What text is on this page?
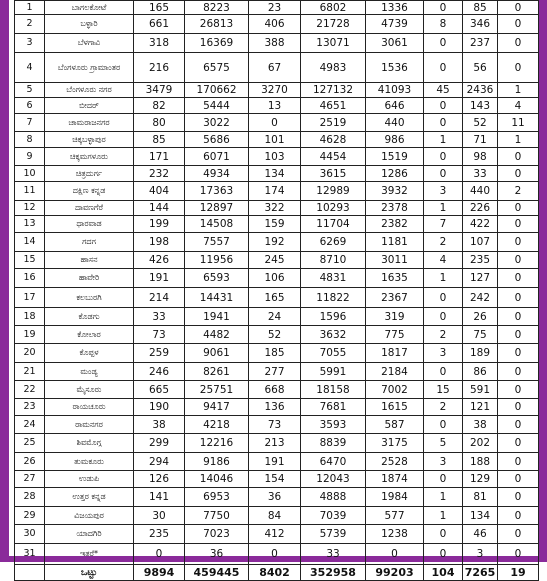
1	ಬಾಗಲಕೋಟೆ	165	8223	23	6802	1336	0	85	0
2	ಬಳ್ಳಾರಿ	661	26813	406	21728	4739	8	346	0
3	ಬೆಳಗಾವಿ	318	16369	388	13071	3061	0	237	0
4	ಬೆಂಗಳೂರು ಗ್ರಾಮಾಂತರ	216	6575	67	4983	1536	0	56	0
5	ಬೆಂಗಳೂರು ನಗರ	3479	170662	3270	127132	41093	45	2436	1
6	ಬೀದರ್	82	5444	13	4651	646	0	143	4
7	ಚಾಮರಾಜನಗರ	80	3022	0	2519	440	0	52	11
8	ಚಿಕ್ಕಬಳ್ಳಾಪುರ	85	5686	101	4628	986	1	71	1
9	ಚಿಕ್ಕಮಗಳೂರು	171	6071	103	4454	1519	0	98	0
10	ಚಿತ್ರದುರ್ಗ	232	4934	134	3615	1286	0	33	0
11	ದಕ್ಷಿಣ ಕನ್ನಡ	404	17363	174	12989	3932	3	440	2
12	ದಾವಣಗೆರೆ	144	12897	322	10293	2378	1	226	0
13	ಧಾರವಾಡ	199	14508	159	11704	2382	7	422	0
14	ಗದಗ	198	7557	192	6269	1181	2	107	0
15	ಹಾಸನ	426	11956	245	8710	3011	4	235	0
16	ಹಾವೇರಿ	191	6593	106	4831	1635	1	127	0
17	ಕಲಬುರಗಿ	214	14431	165	11822	2367	0	242	0
18	ಕೊಡಗು	33	1941	24	1596	319	0	26	0
19	ಕೋಲಾರ	73	4482	52	3632	775	2	75	0
20	ಕೊಪ್ಪಳ	259	9061	185	7055	1817	3	189	0
21	ಮಂಡ್ಯ	246	8261	277	5991	2184	0	86	0
22	ಮೈಸೂರು	665	25751	668	18158	7002	15	591	0
23	ರಾಯಚೂರು	190	9417	136	7681	1615	2	121	0
24	ರಾಮನಗರ	38	4218	73	3593	587	0	38	0
25	ಶಿವಮೊಗ್ಗ	299	12216	213	8839	3175	5	202	0
26	ತುಮಕೂರು	294	9186	191	6470	2528	3	188	0
27	ಉಡುಪಿ	126	14046	154	12043	1874	0	129	0
28	ಉತ್ತರ ಕನ್ನಡ	141	6953	36	4888	1984	1	81	0
29	ವಿಜಯಪುರ	30	7750	84	7039	577	1	134	0
30	ಯಾದಗಿರಿ	235	7023	412	5739	1238	0	46	0
31	ಇತರೆ*	0	36	0	33	0	0	3	0
	ಒಟ್ಟು	9894	459445	8402	352958	99203	104	7265	19
